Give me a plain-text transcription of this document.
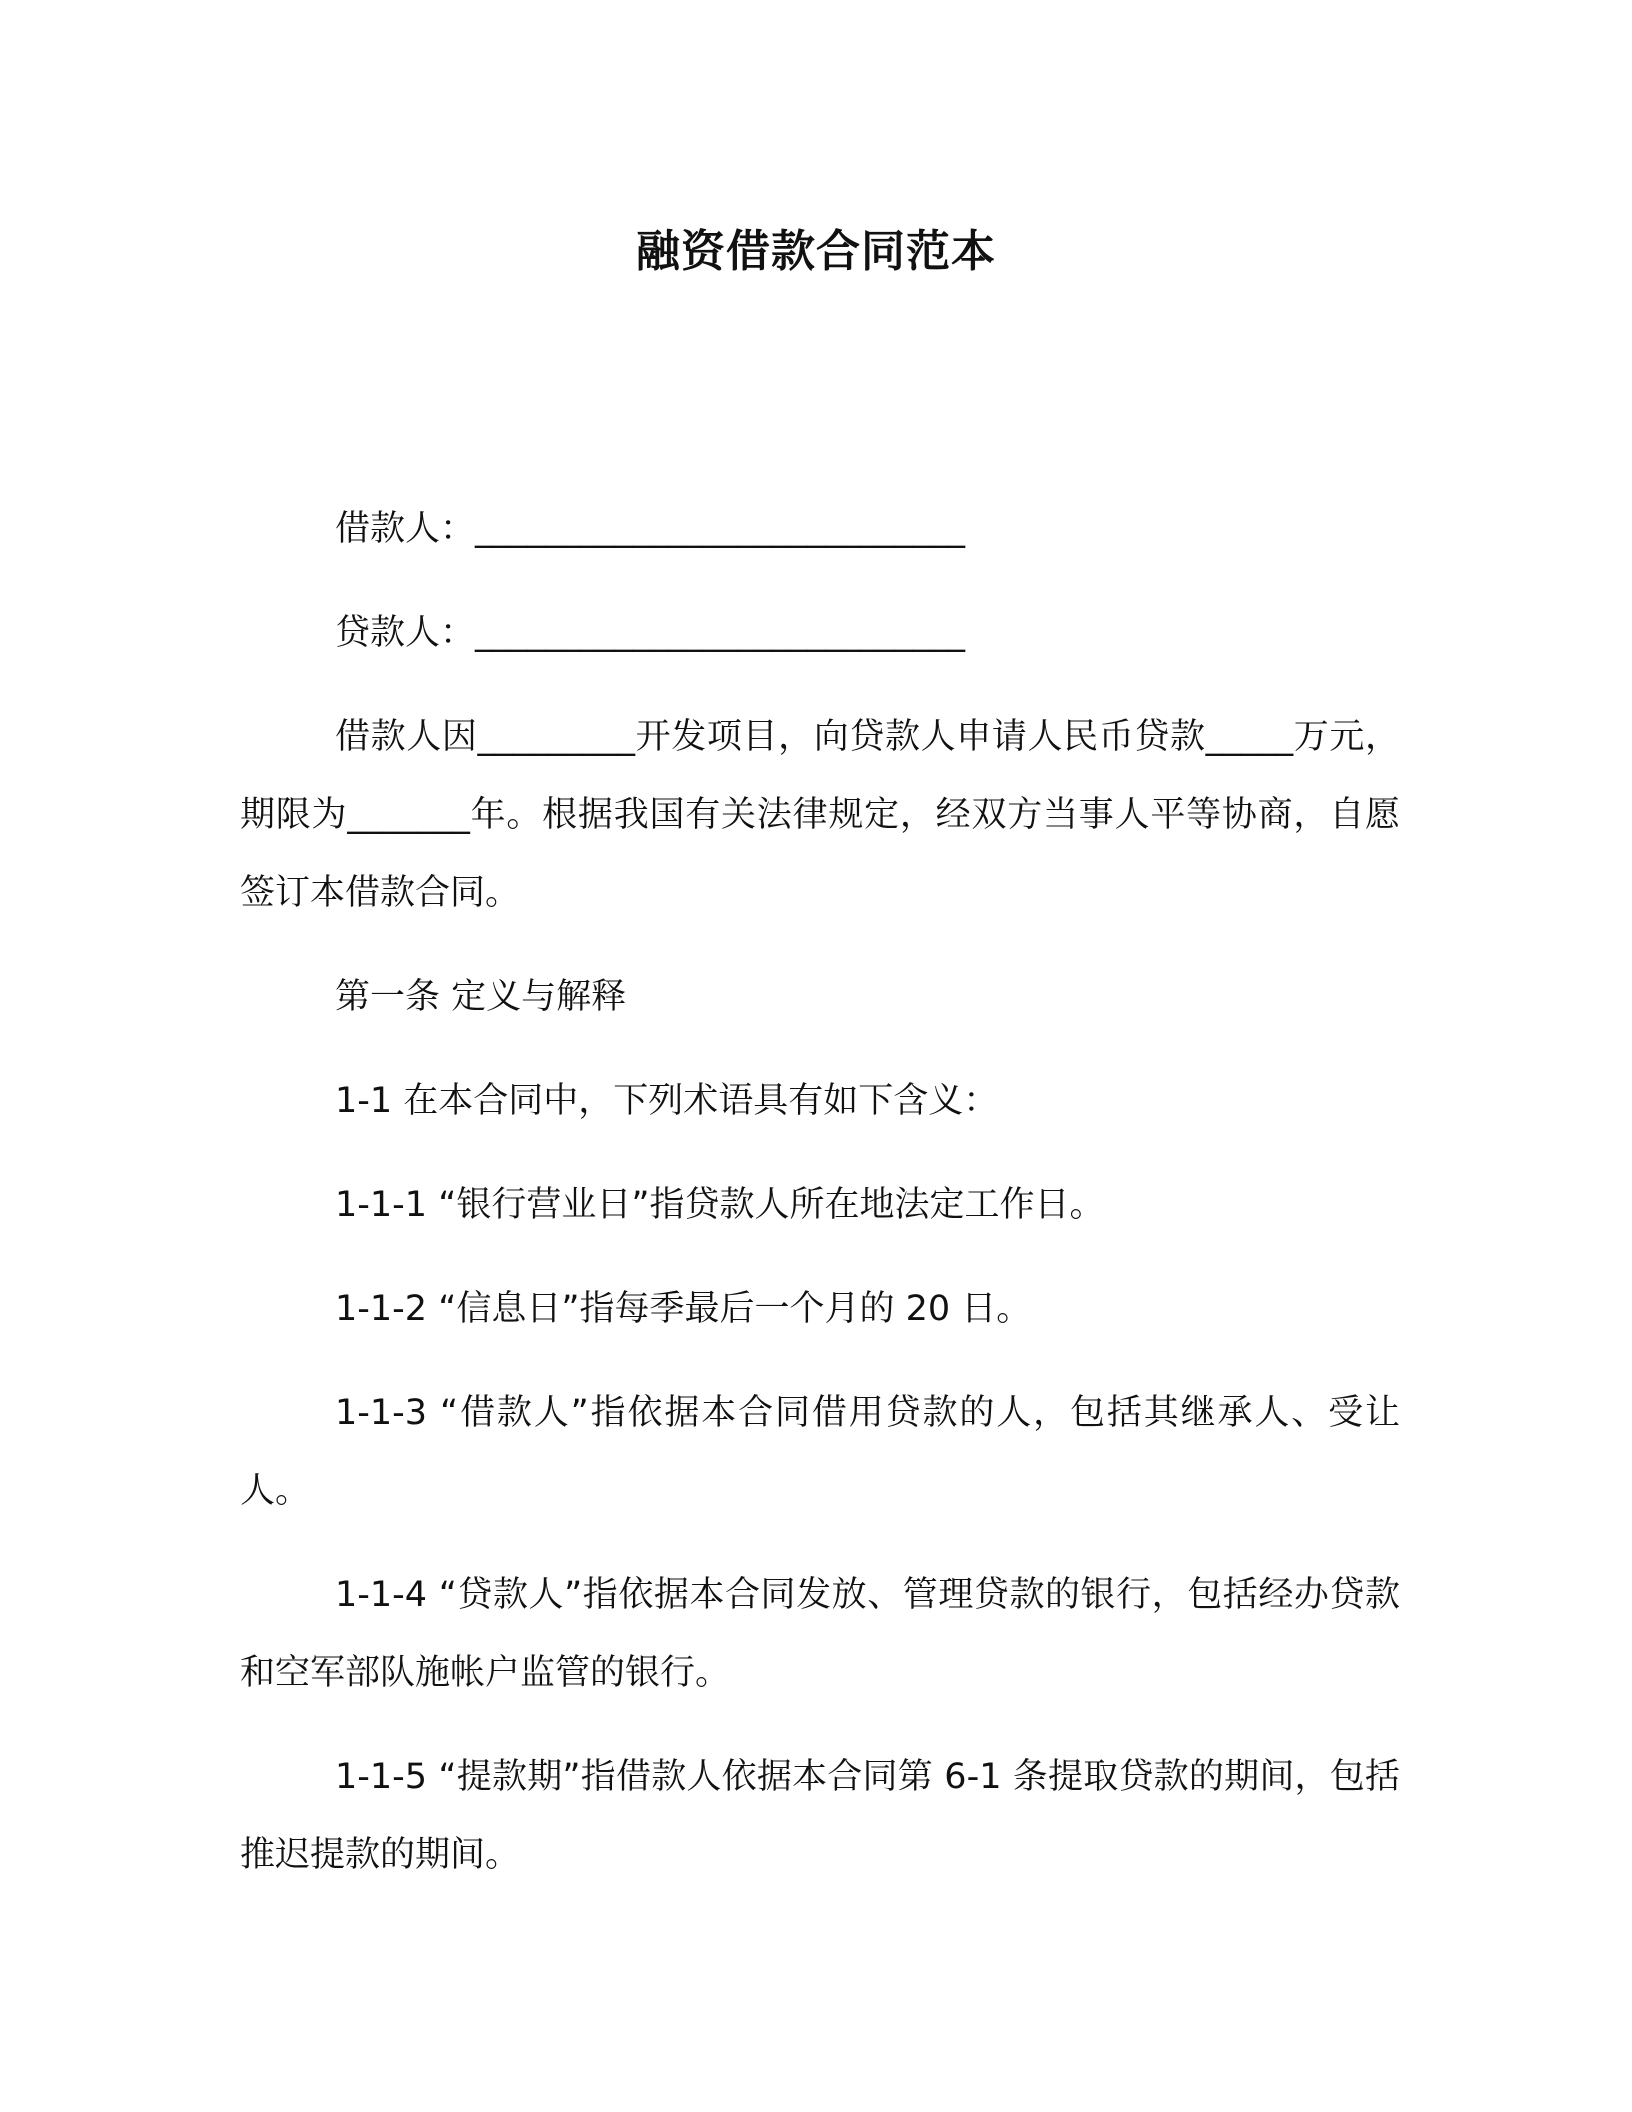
融资借款合同范本

借款人：____________________________

贷款人：____________________________

借款人因_________开发项目，向贷款人申请人民币贷款_____万元，期限为_______年。根据我国有关法律规定，经双方当事人平等协商，自愿签订本借款合同。

第一条 定义与解释

1-1 在本合同中，下列术语具有如下含义：

1-1-1 “银行营业日”指贷款人所在地法定工作日。

1-1-2 “信息日”指每季最后一个月的 20 日。

1-1-3 “借款人”指依据本合同借用贷款的人，包括其继承人、受让人。

1-1-4 “贷款人”指依据本合同发放、管理贷款的银行，包括经办贷款和空军部队施帐户监管的银行。

1-1-5 “提款期”指借款人依据本合同第 6-1 条提取贷款的期间，包括推迟提款的期间。
